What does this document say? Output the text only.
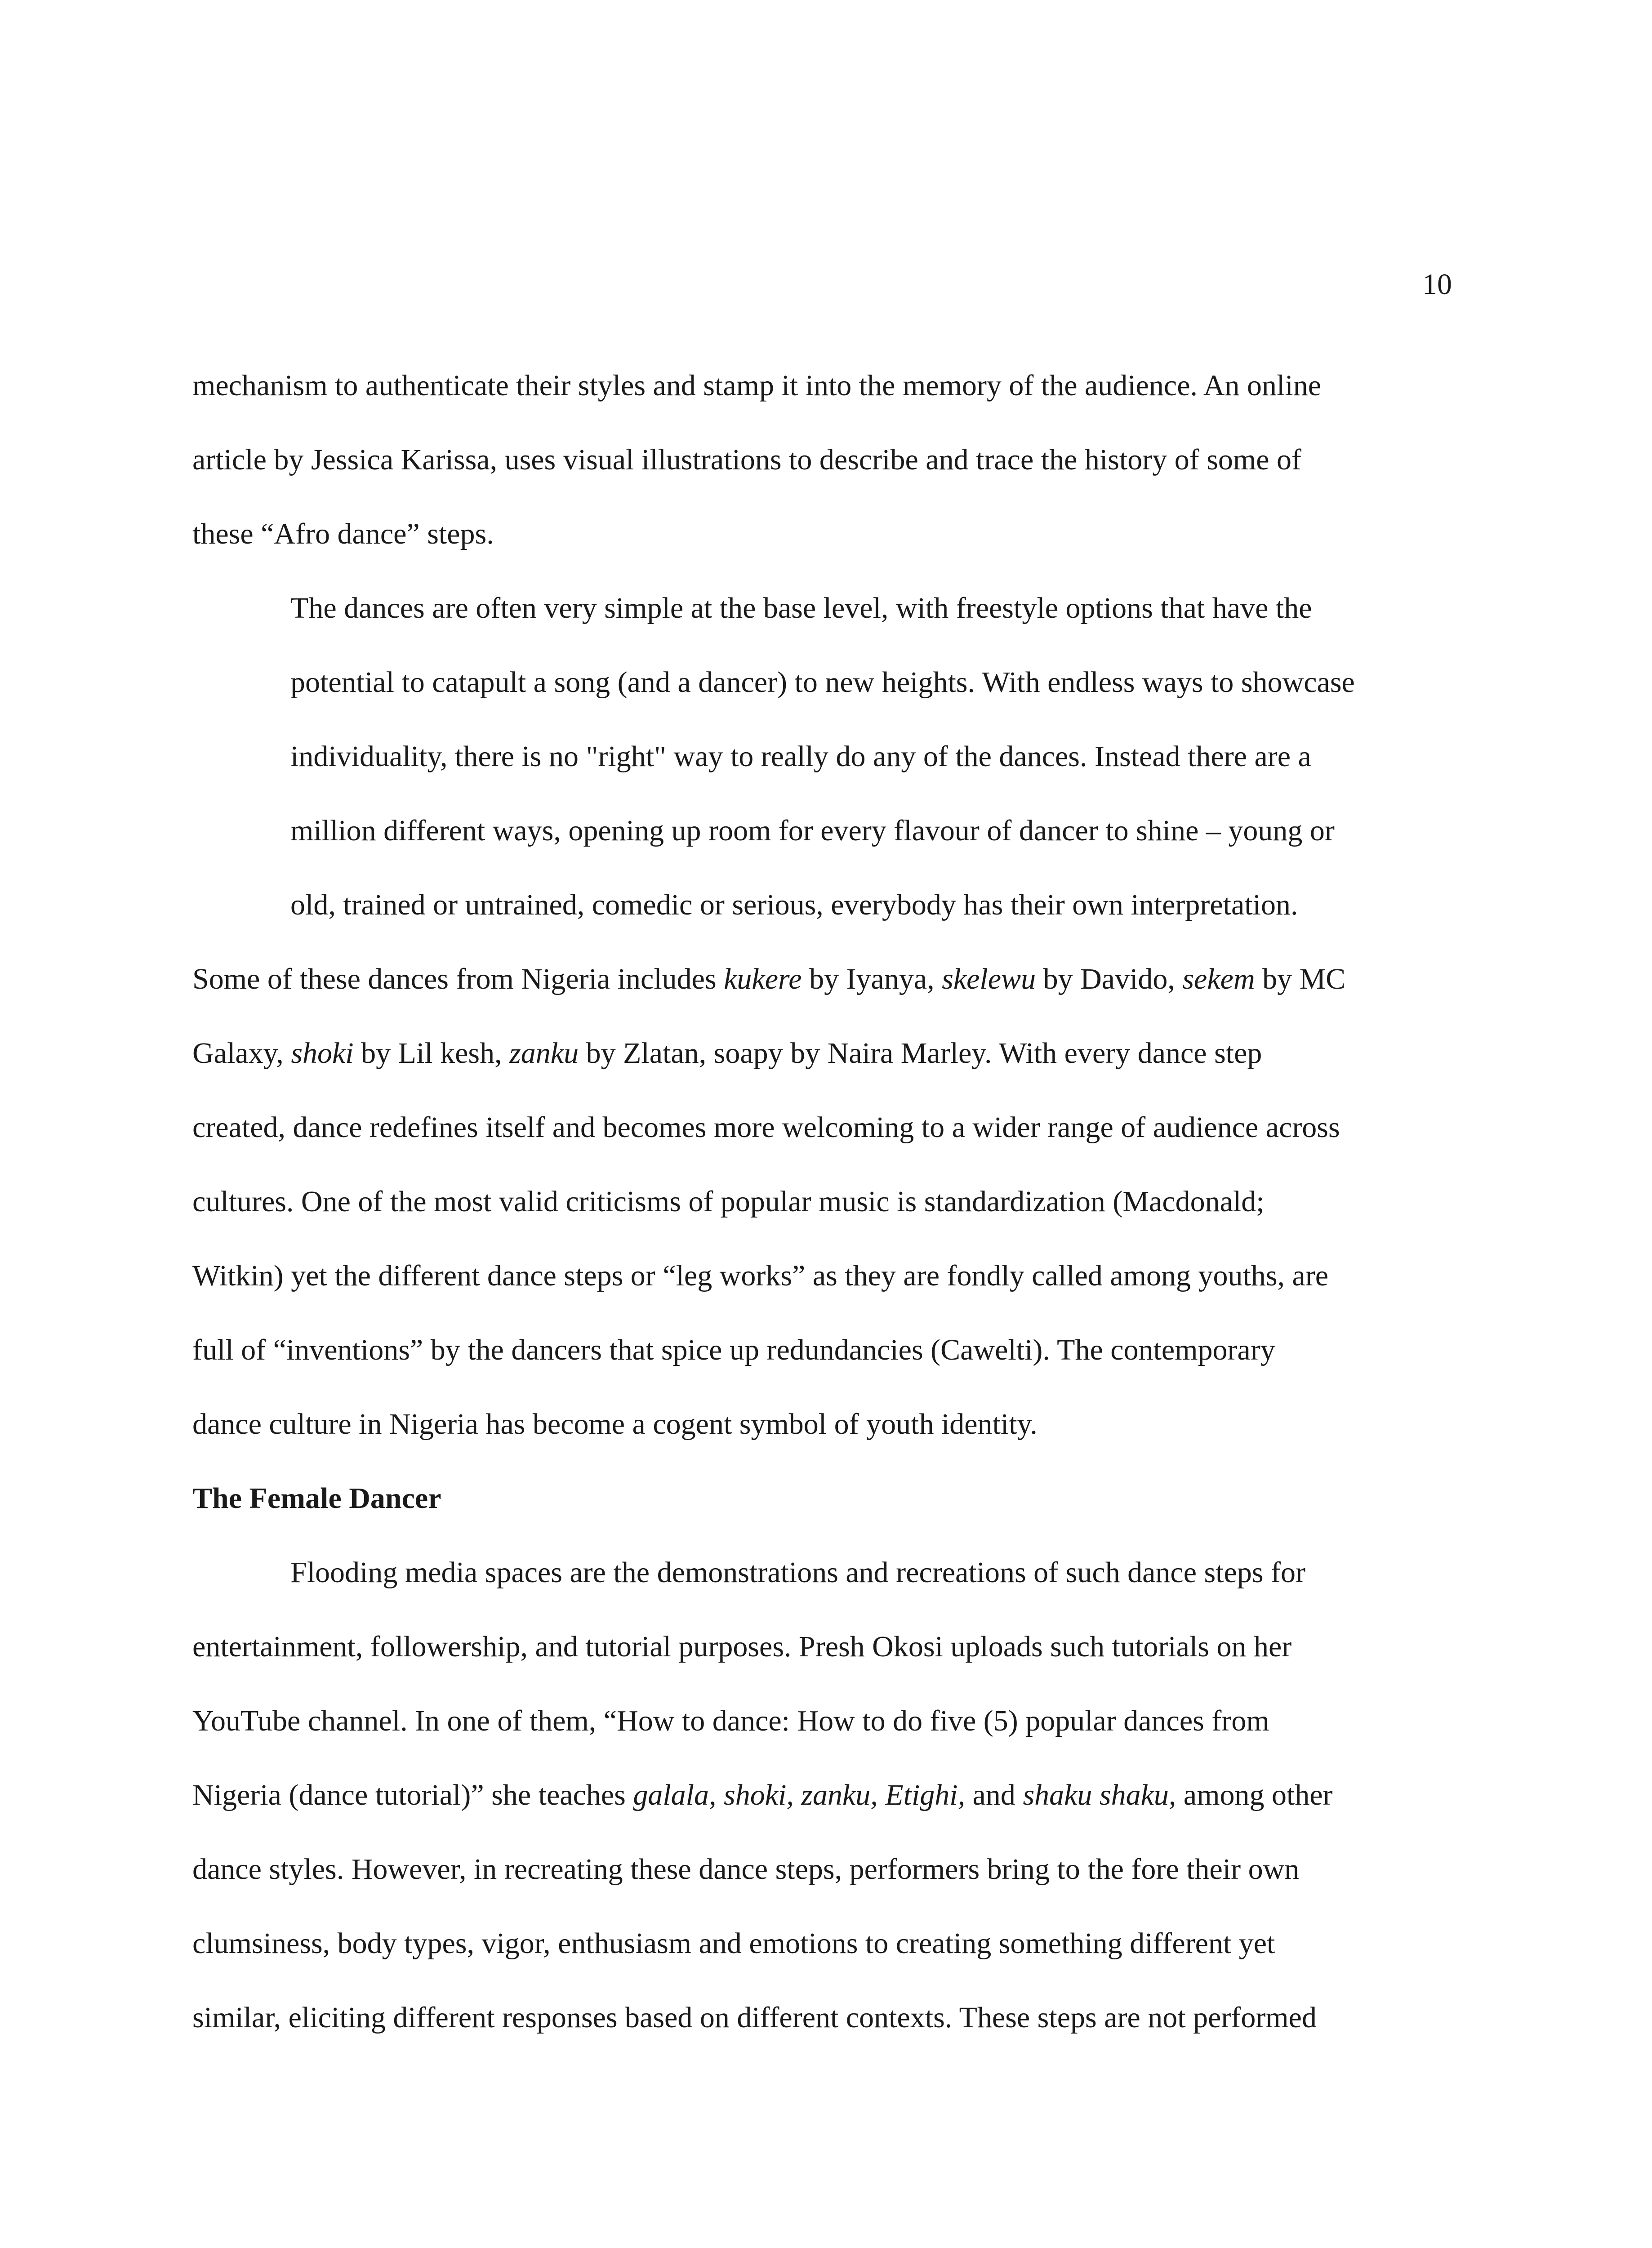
10
mechanism to authenticate their styles and stamp it into the memory of the audience. An online
article by Jessica Karissa, uses visual illustrations to describe and trace the history of some of
these “Afro dance” steps.
The dances are often very simple at the base level, with freestyle options that have the
potential to catapult a song (and a dancer) to new heights. With endless ways to showcase
individuality, there is no "right" way to really do any of the dances. Instead there are a
million different ways, opening up room for every flavour of dancer to shine – young or
old, trained or untrained, comedic or serious, everybody has their own interpretation.
Some of these dances from Nigeria includes kukere by Iyanya, skelewu by Davido, sekem by MC
Galaxy, shoki by Lil kesh, zanku by Zlatan, soapy by Naira Marley. With every dance step
created, dance redefines itself and becomes more welcoming to a wider range of audience across
cultures. One of the most valid criticisms of popular music is standardization (Macdonald;
Witkin) yet the different dance steps or “leg works” as they are fondly called among youths, are
full of “inventions” by the dancers that spice up redundancies (Cawelti). The contemporary
dance culture in Nigeria has become a cogent symbol of youth identity.
The Female Dancer
Flooding media spaces are the demonstrations and recreations of such dance steps for
entertainment, followership, and tutorial purposes. Presh Okosi uploads such tutorials on her
YouTube channel. In one of them, “How to dance: How to do five (5) popular dances from
Nigeria (dance tutorial)” she teaches galala, shoki, zanku, Etighi, and shaku shaku, among other
dance styles. However, in recreating these dance steps, performers bring to the fore their own
clumsiness, body types, vigor, enthusiasm and emotions to creating something different yet
similar, eliciting different responses based on different contexts. These steps are not performed
